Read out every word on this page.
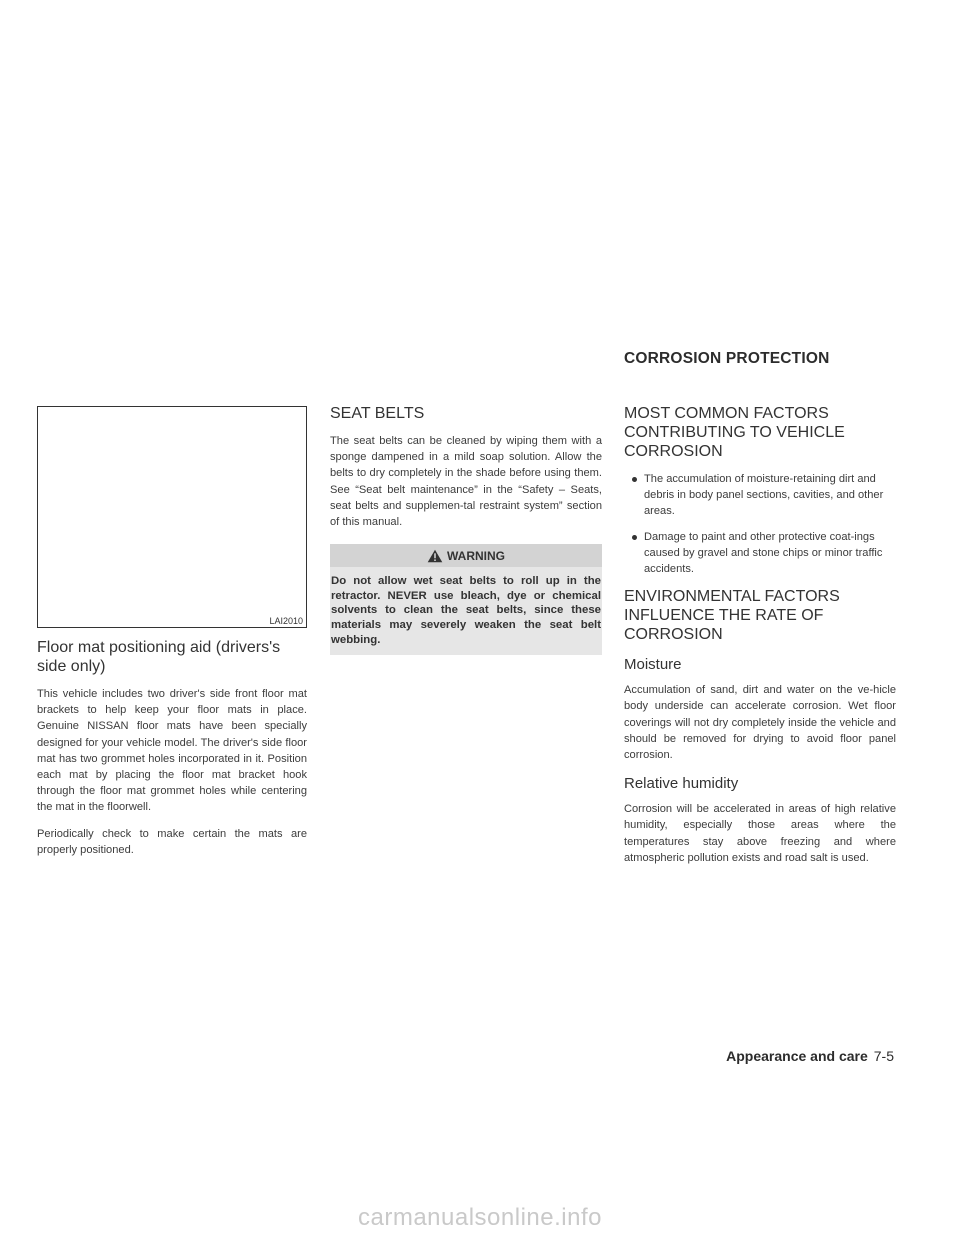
CORROSION PROTECTION
LAI2010
Floor mat positioning aid (drivers's side only)

This vehicle includes two driver's side front floor mat brackets to help keep your floor mats in place. Genuine NISSAN floor mats have been specially designed for your vehicle model. The driver's side floor mat has two grommet holes incorporated in it. Position each mat by placing the floor mat bracket hook through the floor mat grommet holes while centering the mat in the floorwell.

Periodically check to make certain the mats are properly positioned.

SEAT BELTS

The seat belts can be cleaned by wiping them with a sponge dampened in a mild soap solution. Allow the belts to dry completely in the shade before using them. See “Seat belt maintenance” in the “Safety – Seats, seat belts and supplemen-tal restraint system” section of this manual.

WARNING
Do not allow wet seat belts to roll up in the retractor. NEVER use bleach, dye or chemical solvents to clean the seat belts, since these materials may severely weaken the seat belt webbing.
MOST COMMON FACTORS CONTRIBUTING TO VEHICLE CORROSION
The accumulation of moisture-retaining dirt and debris in body panel sections, cavities, and other areas.
Damage to paint and other protective coat-ings caused by gravel and stone chips or minor traffic accidents.
ENVIRONMENTAL FACTORS INFLUENCE THE RATE OF CORROSION
Moisture

Accumulation of sand, dirt and water on the ve-hicle body underside can accelerate corrosion. Wet floor coverings will not dry completely inside the vehicle and should be removed for drying to avoid floor panel corrosion.

Relative humidity

Corrosion will be accelerated in areas of high relative humidity, especially those areas where the temperatures stay above freezing and where atmospheric pollution exists and road salt is used.

Appearance and care 7-5
carmanualsonline.info
